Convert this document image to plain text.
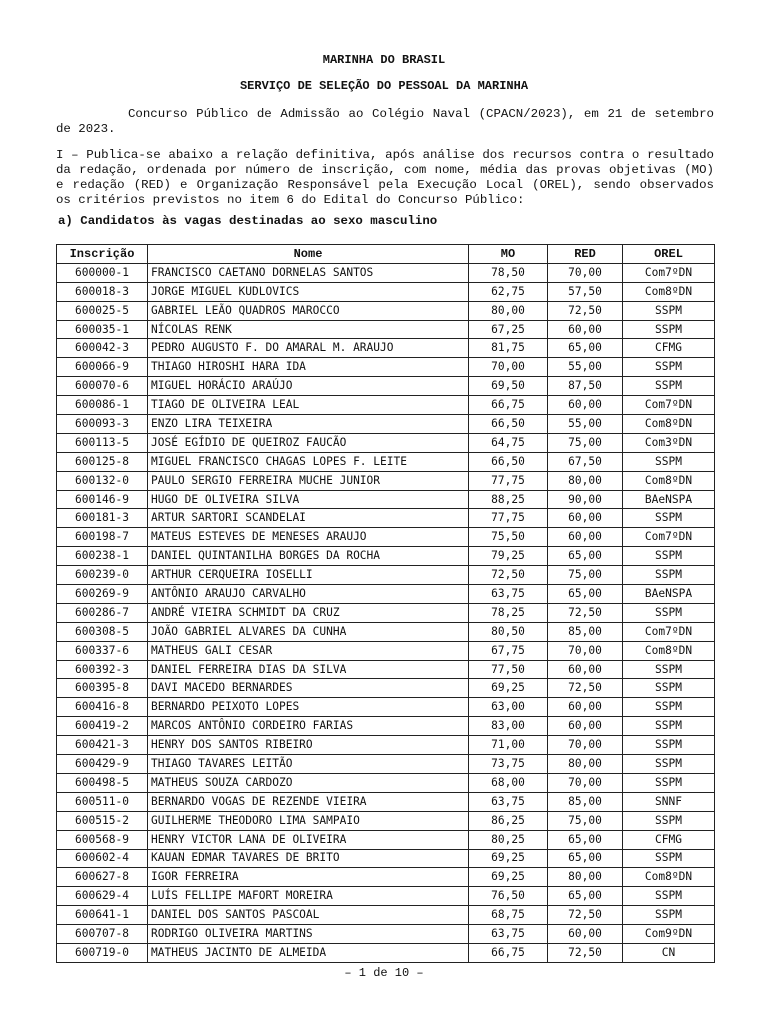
MARINHA DO BRASIL
SERVIÇO DE SELEÇÃO DO PESSOAL DA MARINHA

Concurso Público de Admissão ao Colégio Naval (CPACN/2023), em 21 de setembro de 2023.

I – Publica-se abaixo a relação definitiva, após análise dos recursos contra o resultado da redação, ordenada por número de inscrição, com nome, média das provas objetivas (MO) e redação (RED) e Organização Responsável pela Execução Local (OREL), sendo observados os critérios previstos no item 6 do Edital do Concurso Público:

a) Candidatos às vagas destinadas ao sexo masculino
Inscrição	Nome	MO	RED	OREL
600000-1	FRANCISCO CAETANO DORNELAS SANTOS	78,50	70,00	Com7ºDN
600018-3	JORGE MIGUEL KUDLOVICS	62,75	57,50	Com8ºDN
600025-5	GABRIEL LEÃO QUADROS MAROCCO	80,00	72,50	SSPM
600035-1	NÍCOLAS RENK	67,25	60,00	SSPM
600042-3	PEDRO AUGUSTO F. DO AMARAL M. ARAUJO	81,75	65,00	CFMG
600066-9	THIAGO HIROSHI HARA IDA	70,00	55,00	SSPM
600070-6	MIGUEL HORÁCIO ARAÚJO	69,50	87,50	SSPM
600086-1	TIAGO DE OLIVEIRA LEAL	66,75	60,00	Com7ºDN
600093-3	ENZO LIRA TEIXEIRA	66,50	55,00	Com8ºDN
600113-5	JOSÉ EGÍDIO DE QUEIROZ FAUCÃO	64,75	75,00	Com3ºDN
600125-8	MIGUEL FRANCISCO CHAGAS LOPES F. LEITE	66,50	67,50	SSPM
600132-0	PAULO SERGIO FERREIRA MUCHE JUNIOR	77,75	80,00	Com8ºDN
600146-9	HUGO DE OLIVEIRA SILVA	88,25	90,00	BAeNSPA
600181-3	ARTUR SARTORI SCANDELAI	77,75	60,00	SSPM
600198-7	MATEUS ESTEVES DE MENESES ARAUJO	75,50	60,00	Com7ºDN
600238-1	DANIEL QUINTANILHA BORGES DA ROCHA	79,25	65,00	SSPM
600239-0	ARTHUR CERQUEIRA IOSELLI	72,50	75,00	SSPM
600269-9	ANTÔNIO ARAUJO CARVALHO	63,75	65,00	BAeNSPA
600286-7	ANDRÉ VIEIRA SCHMIDT DA CRUZ	78,25	72,50	SSPM
600308-5	JOÃO GABRIEL ALVARES DA CUNHA	80,50	85,00	Com7ºDN
600337-6	MATHEUS GALI CESAR	67,75	70,00	Com8ºDN
600392-3	DANIEL FERREIRA DIAS DA SILVA	77,50	60,00	SSPM
600395-8	DAVI MACEDO BERNARDES	69,25	72,50	SSPM
600416-8	BERNARDO PEIXOTO LOPES	63,00	60,00	SSPM
600419-2	MARCOS ANTÔNIO CORDEIRO FARIAS	83,00	60,00	SSPM
600421-3	HENRY DOS SANTOS RIBEIRO	71,00	70,00	SSPM
600429-9	THIAGO TAVARES LEITÃO	73,75	80,00	SSPM
600498-5	MATHEUS SOUZA CARDOZO	68,00	70,00	SSPM
600511-0	BERNARDO VOGAS DE REZENDE VIEIRA	63,75	85,00	SNNF
600515-2	GUILHERME THEODORO LIMA SAMPAIO	86,25	75,00	SSPM
600568-9	HENRY VICTOR LANA DE OLIVEIRA	80,25	65,00	CFMG
600602-4	KAUAN EDMAR TAVARES DE BRITO	69,25	65,00	SSPM
600627-8	IGOR FERREIRA	69,25	80,00	Com8ºDN
600629-4	LUÍS FELLIPE MAFORT MOREIRA	76,50	65,00	SSPM
600641-1	DANIEL DOS SANTOS PASCOAL	68,75	72,50	SSPM
600707-8	RODRIGO OLIVEIRA MARTINS	63,75	60,00	Com9ºDN
600719-0	MATHEUS JACINTO DE ALMEIDA	66,75	72,50	CN
– 1 de 10 –
